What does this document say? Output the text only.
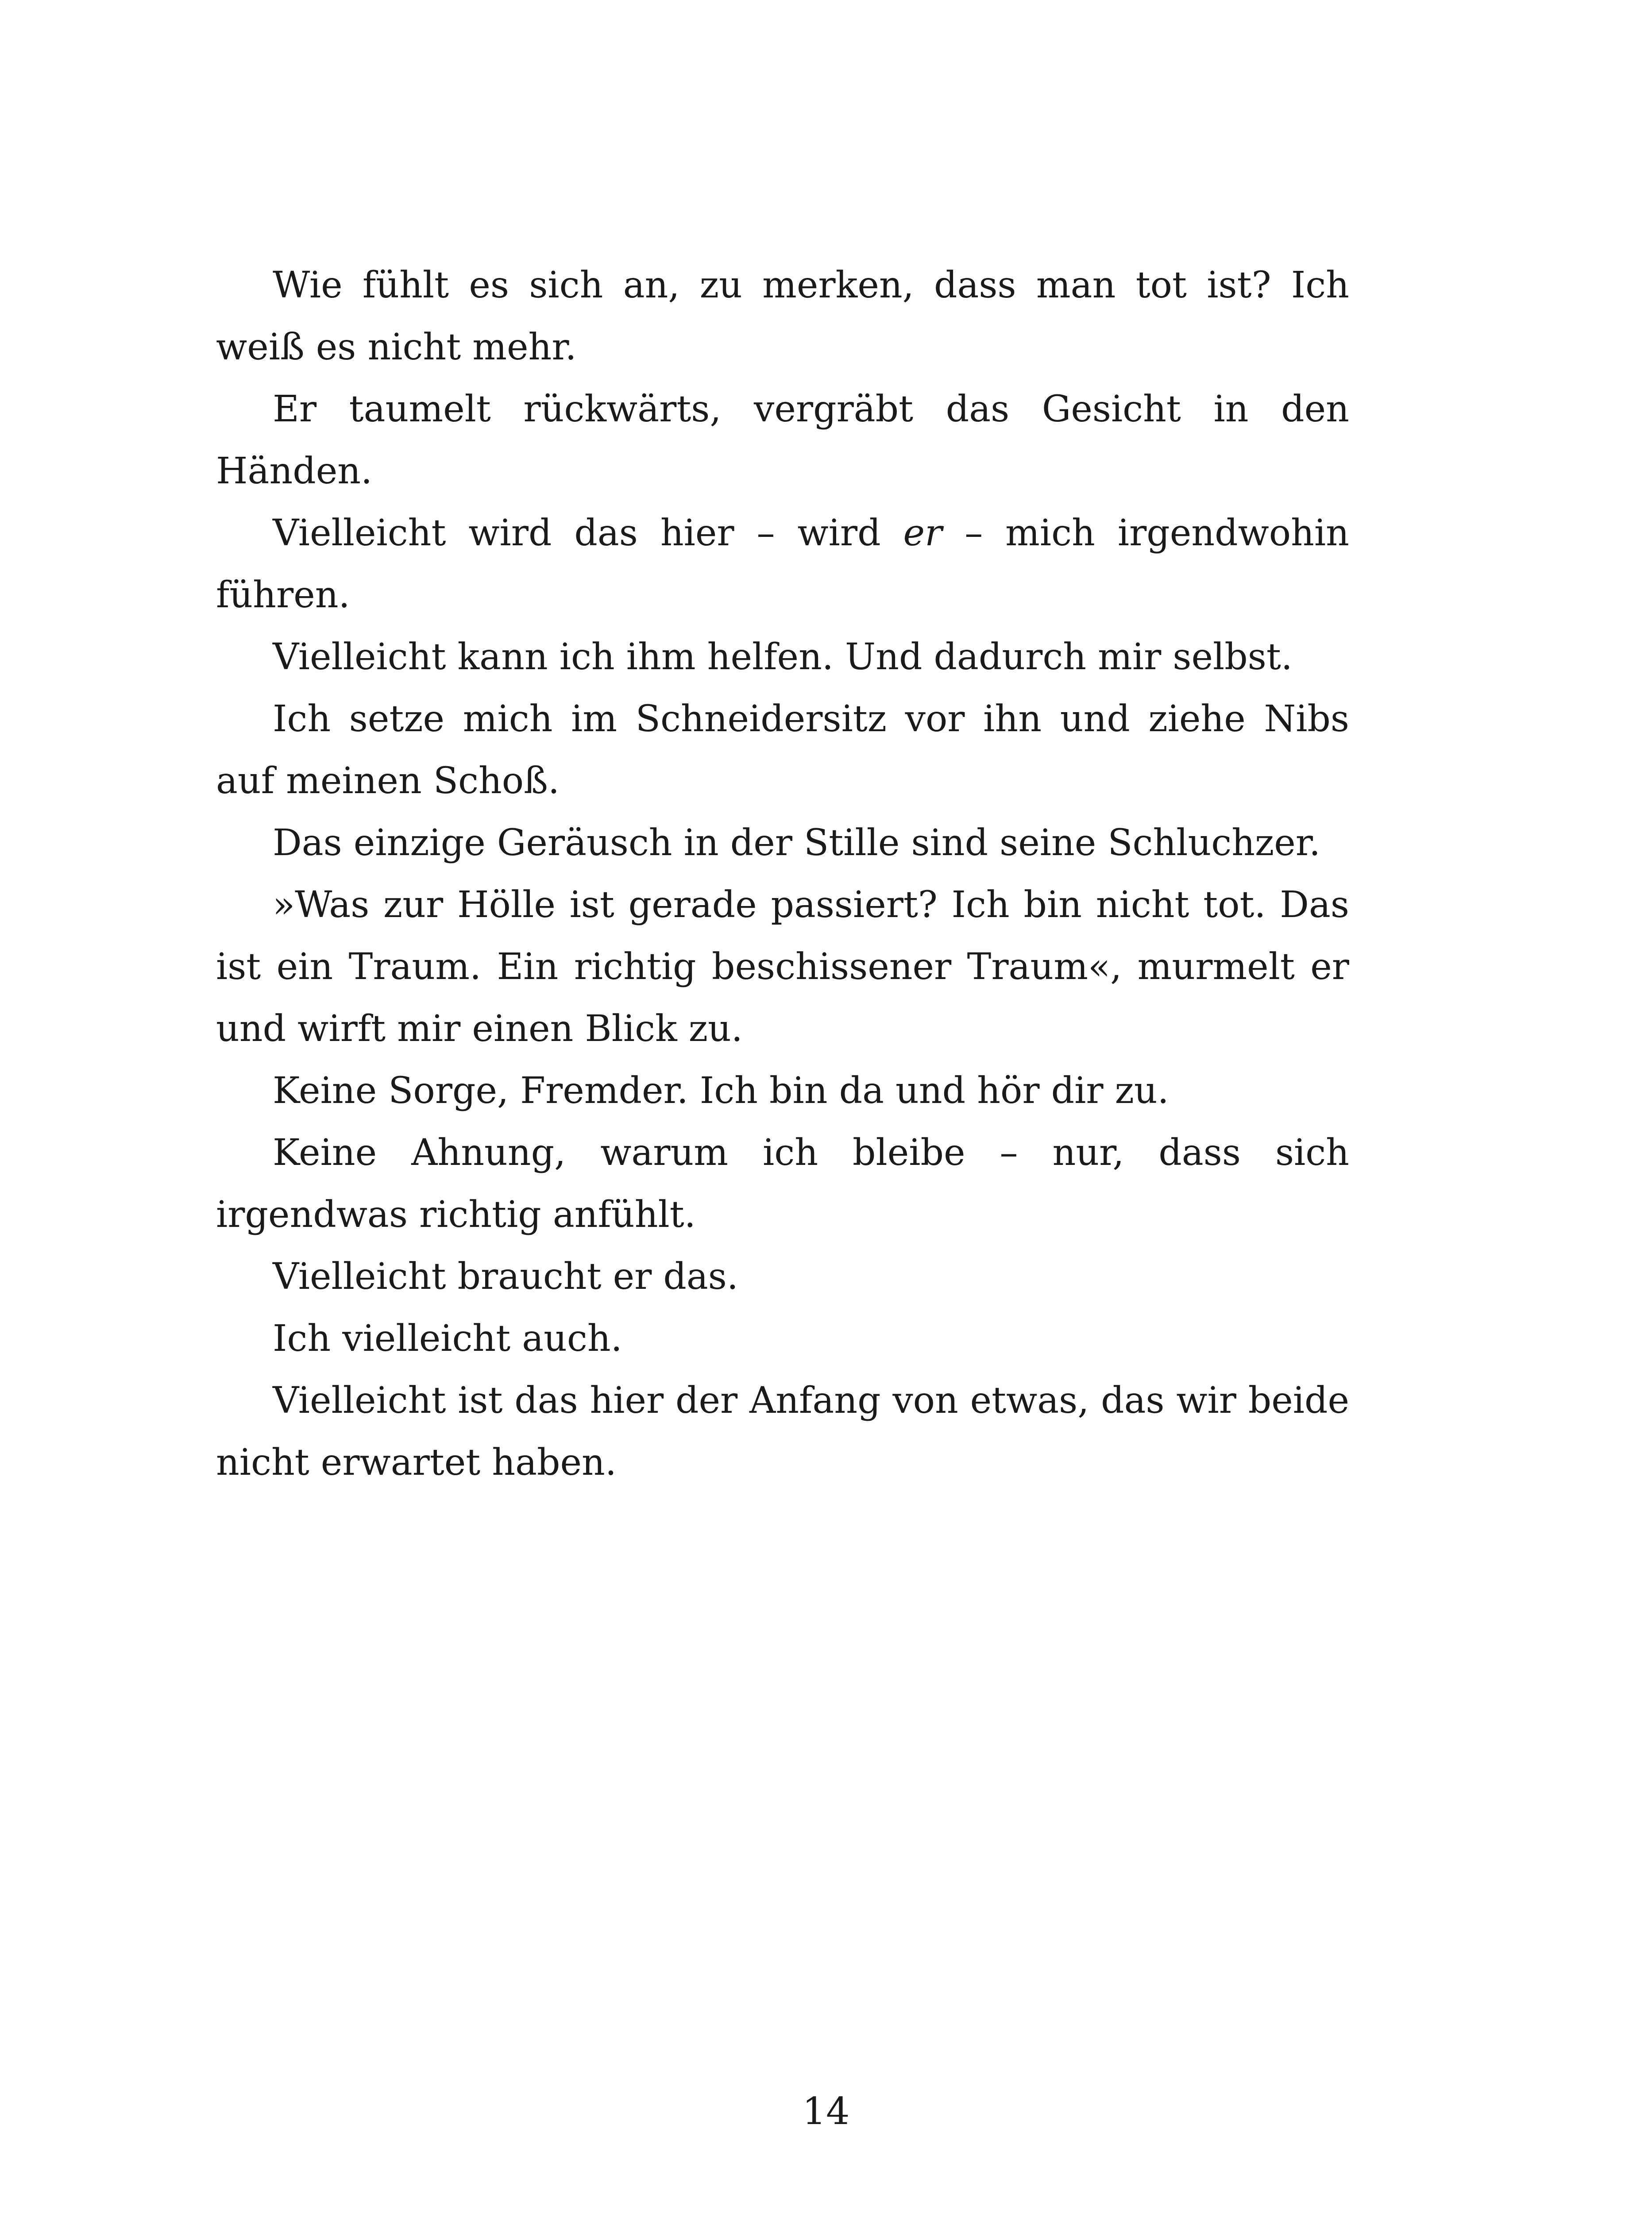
Wie fühlt es sich an, zu merken, dass man tot ist? Ich weiß es nicht mehr.

Er taumelt rückwärts, vergräbt das Gesicht in den Händen.

Vielleicht wird das hier – wird er – mich irgendwohin führen.

Vielleicht kann ich ihm helfen. Und dadurch mir selbst.

Ich setze mich im Schneidersitz vor ihn und ziehe Nibs auf meinen Schoß.

Das einzige Geräusch in der Stille sind seine Schluchzer.

»Was zur Hölle ist gerade passiert? Ich bin nicht tot. Das ist ein Traum. Ein richtig beschissener Traum«, murmelt er und wirft mir einen Blick zu.

Keine Sorge, Fremder. Ich bin da und hör dir zu.

Keine Ahnung, warum ich bleibe – nur, dass sich irgendwas richtig anfühlt.

Vielleicht braucht er das.

Ich vielleicht auch.

Vielleicht ist das hier der Anfang von etwas, das wir beide nicht erwartet haben.

14
